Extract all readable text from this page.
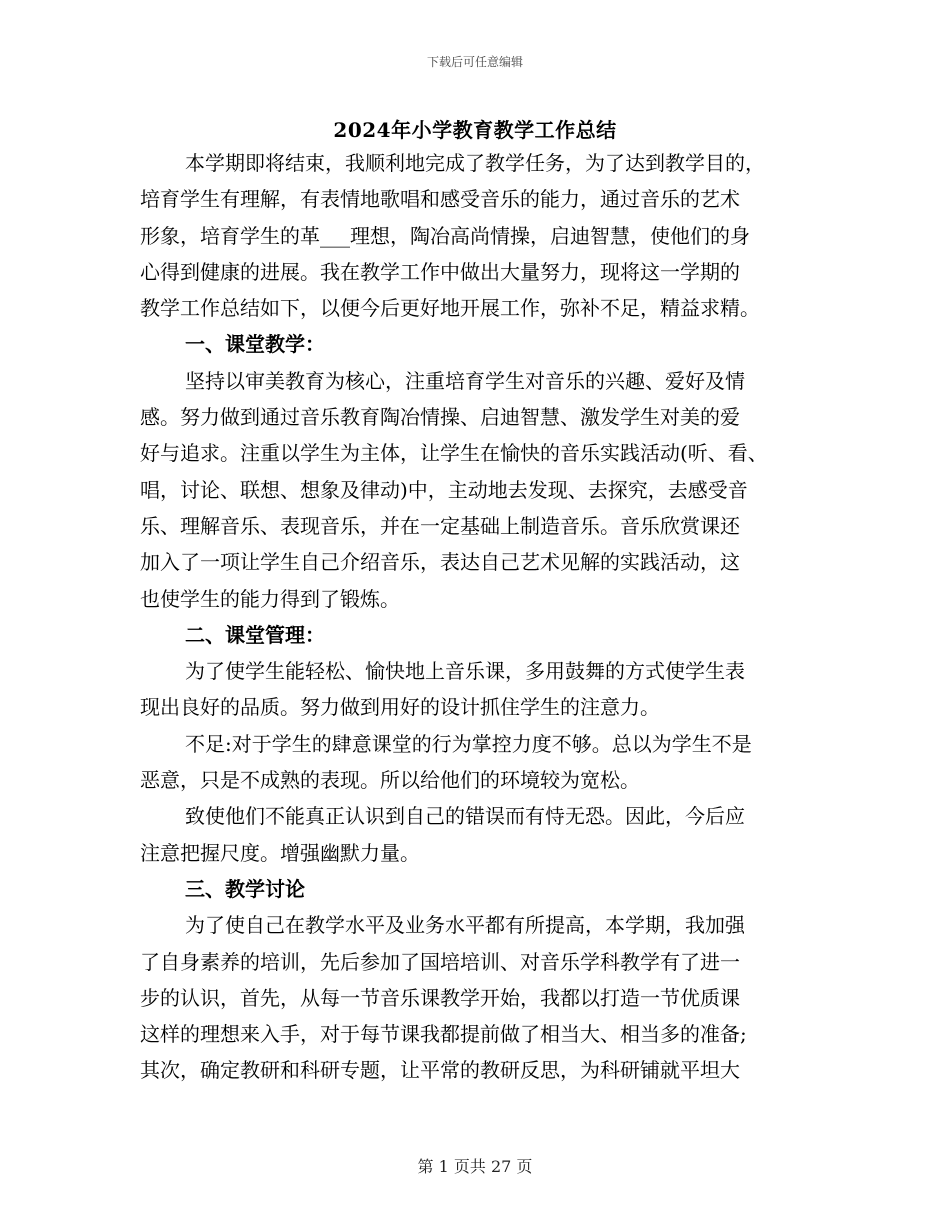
下载后可任意编辑
2024年小学教育教学工作总结
本学期即将结束，我顺利地完成了教学任务，为了达到教学目的，
培育学生有理解，有表情地歌唱和感受音乐的能力，通过音乐的艺术
形象，培育学生的革___理想，陶冶高尚情操，启迪智慧，使他们的身
心得到健康的进展。我在教学工作中做出大量努力，现将这一学期的
教学工作总结如下，以便今后更好地开展工作，弥补不足，精益求精。
一、课堂教学：
坚持以审美教育为核心，注重培育学生对音乐的兴趣、爱好及情
感。努力做到通过音乐教育陶冶情操、启迪智慧、激发学生对美的爱
好与追求。注重以学生为主体，让学生在愉快的音乐实践活动(听、看、
唱，讨论、联想、想象及律动)中，主动地去发现、去探究，去感受音
乐、理解音乐、表现音乐，并在一定基础上制造音乐。音乐欣赏课还
加入了一项让学生自己介绍音乐，表达自己艺术见解的实践活动，这
也使学生的能力得到了锻炼。
二、课堂管理：
为了使学生能轻松、愉快地上音乐课，多用鼓舞的方式使学生表
现出良好的品质。努力做到用好的设计抓住学生的注意力。
不足:对于学生的肆意课堂的行为掌控力度不够。总以为学生不是
恶意，只是不成熟的表现。所以给他们的环境较为宽松。
致使他们不能真正认识到自己的错误而有恃无恐。因此，今后应
注意把握尺度。增强幽默力量。
三、教学讨论
为了使自己在教学水平及业务水平都有所提高，本学期，我加强
了自身素养的培训，先后参加了国培培训、对音乐学科教学有了进一
步的认识，首先，从每一节音乐课教学开始，我都以打造一节优质课
这样的理想来入手，对于每节课我都提前做了相当大、相当多的准备;
其次，确定教研和科研专题，让平常的教研反思，为科研铺就平坦大
第 1 页共 27 页
